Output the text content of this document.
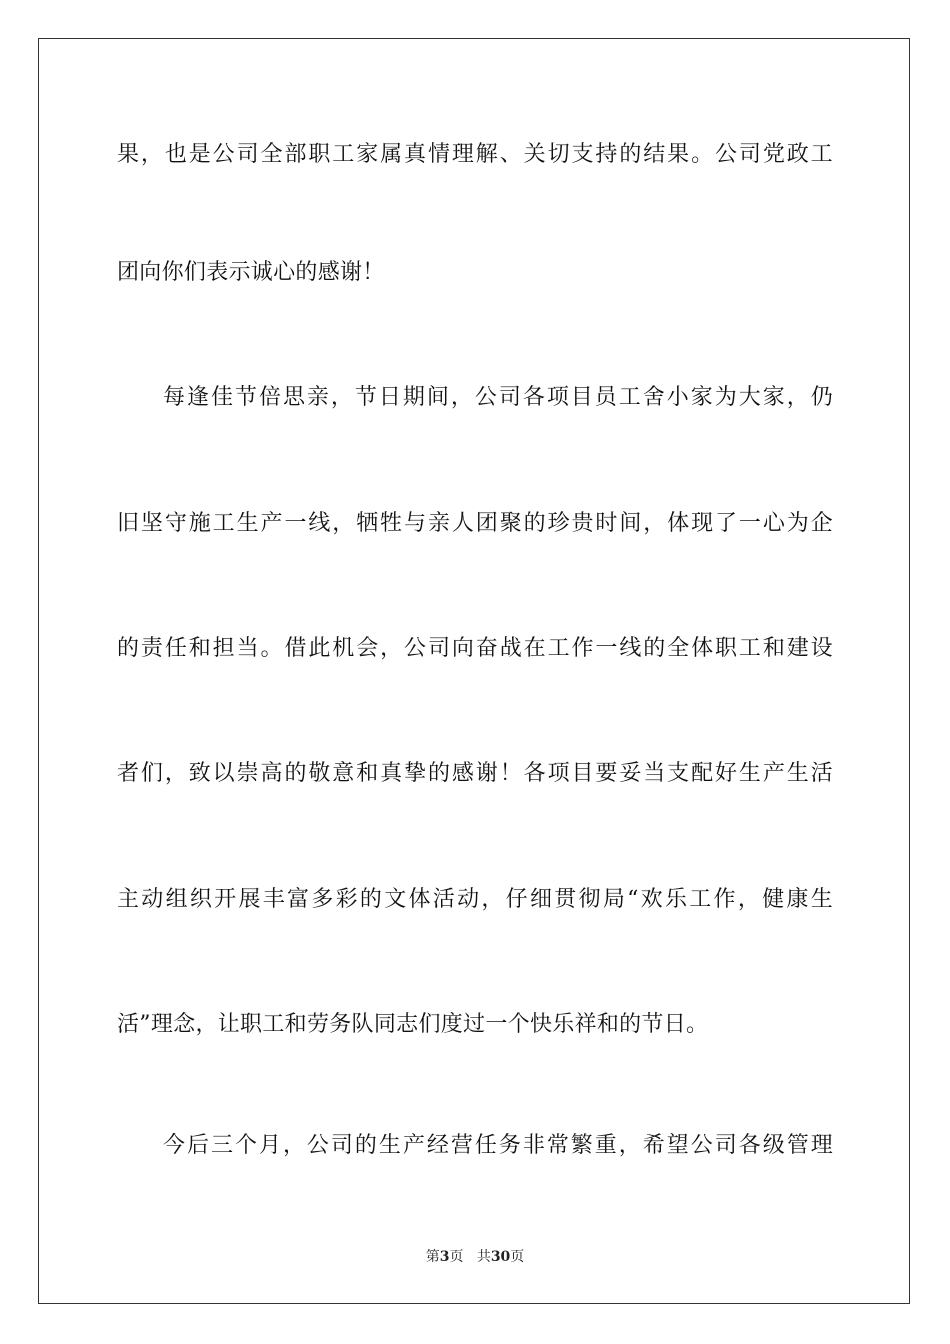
果，也是公司全部职工家属真情理解、关切支持的结果。公司党政工
团向你们表示诚心的感谢！
每逢佳节倍思亲，节日期间，公司各项目员工舍小家为大家，仍
旧坚守施工生产一线，牺牲与亲人团聚的珍贵时间，体现了一心为企
的责任和担当。借此机会，公司向奋战在工作一线的全体职工和建设
者们，致以崇高的敬意和真挚的感谢！各项目要妥当支配好生产生活
主动组织开展丰富多彩的文体活动，仔细贯彻局“欢乐工作，健康生
活”理念，让职工和劳务队同志们度过一个快乐祥和的节日。
今后三个月，公司的生产经营任务非常繁重，希望公司各级管理
第3页 共30页
